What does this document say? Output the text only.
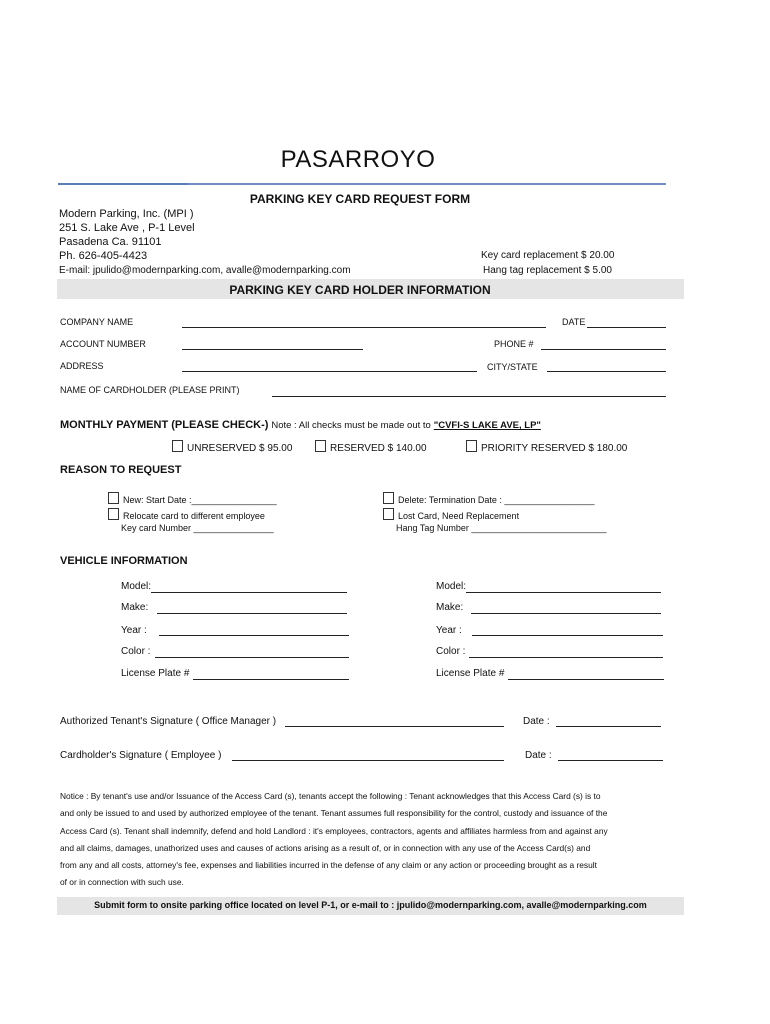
PASARROYO
PARKING KEY CARD REQUEST FORM
Modern Parking, Inc. (MPI )
251 S. Lake Ave , P-1 Level
Pasadena Ca. 91101
Ph. 626-405-4423
E-mail: jpulido@modernparking.com, avalle@modernparking.com
Key card replacement $ 20.00
Hang tag replacement $ 5.00
PARKING KEY CARD HOLDER INFORMATION
COMPANY NAME	DATE
ACCOUNT NUMBER	PHONE #
ADDRESS	CITY/STATE
NAME OF CARDHOLDER (PLEASE PRINT)
MONTHLY PAYMENT (PLEASE CHECK-) Note : All checks must be made out to "CVFI-S LAKE AVE, LP"
UNRESERVED $ 95.00	RESERVED $ 140.00	PRIORITY RESERVED $ 180.00
REASON TO REQUEST
New: Start Date :_________________
Relocate card to different employee
Key card Number ________________
Delete: Termination Date : __________________
Lost Card, Need Replacement
Hang Tag Number ___________________________
VEHICLE INFORMATION
Model:
Make:
Year :
Color :
License Plate #
Model:
Make:
Year :
Color :
License Plate #
Authorized Tenant's Signature ( Office Manager )	Date :
Cardholder's Signature ( Employee )	Date :
Notice : By tenant's use and/or Issuance of the Access Card (s), tenants accept the following : Tenant acknowledges that this Access Card (s) is to
and only be issued to and used by authorized employee of the tenant. Tenant assumes full responsibility for the control, custody and issuance of the
Access Card (s). Tenant shall indemnify, defend and hold Landlord : it's employees, contractors, agents and affiliates harmless from and against any
and all claims, damages, unathorized uses and causes of actions arising as a result of, or in connection with any use of the Access Card(s) and
from any and all costs, attorney's fee, expenses and liabilities incurred in the defense of any claim or any action or proceeding brought as a result
of or in connection with such use.
Submit form to onsite parking office located on level P-1, or e-mail to : jpulido@modernparking.com, avalle@modernparking.com
